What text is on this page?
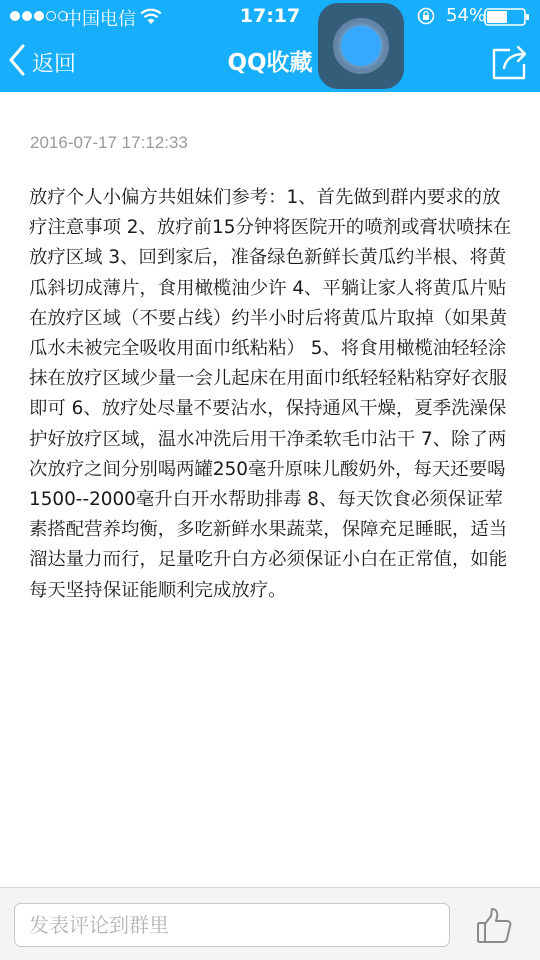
中国电信	17:17	54%
返回	QQ收藏
2016-07-17 17:12:33
放疗个人小偏方共姐妹们参考：1、首先做到群内要求的放疗注意事项 2、放疗前15分钟将医院开的喷剂或膏状喷抹在放疗区域 3、回到家后，准备绿色新鲜长黄瓜约半根、将黄瓜斜切成薄片，食用橄榄油少许 4、平躺让家人将黄瓜片贴在放疗区域（不要占线）约半小时后将黄瓜片取掉（如果黄瓜水未被完全吸收用面巾纸粘粘） 5、将食用橄榄油轻轻涂抹在放疗区域少量一会儿起床在用面巾纸轻轻粘粘穿好衣服即可 6、放疗处尽量不要沾水，保持通风干燥，夏季洗澡保护好放疗区域，温水冲洗后用干净柔软毛巾沾干 7、除了两次放疗之间分别喝两罐250毫升原味儿酸奶外，每天还要喝1500--2000毫升白开水帮助排毒 8、每天饮食必须保证荤素搭配营养均衡，多吃新鲜水果蔬菜，保障充足睡眠，适当溜达量力而行，足量吃升白方必须保证小白在正常值，如能每天坚持保证能顺利完成放疗。
发表评论到群里
